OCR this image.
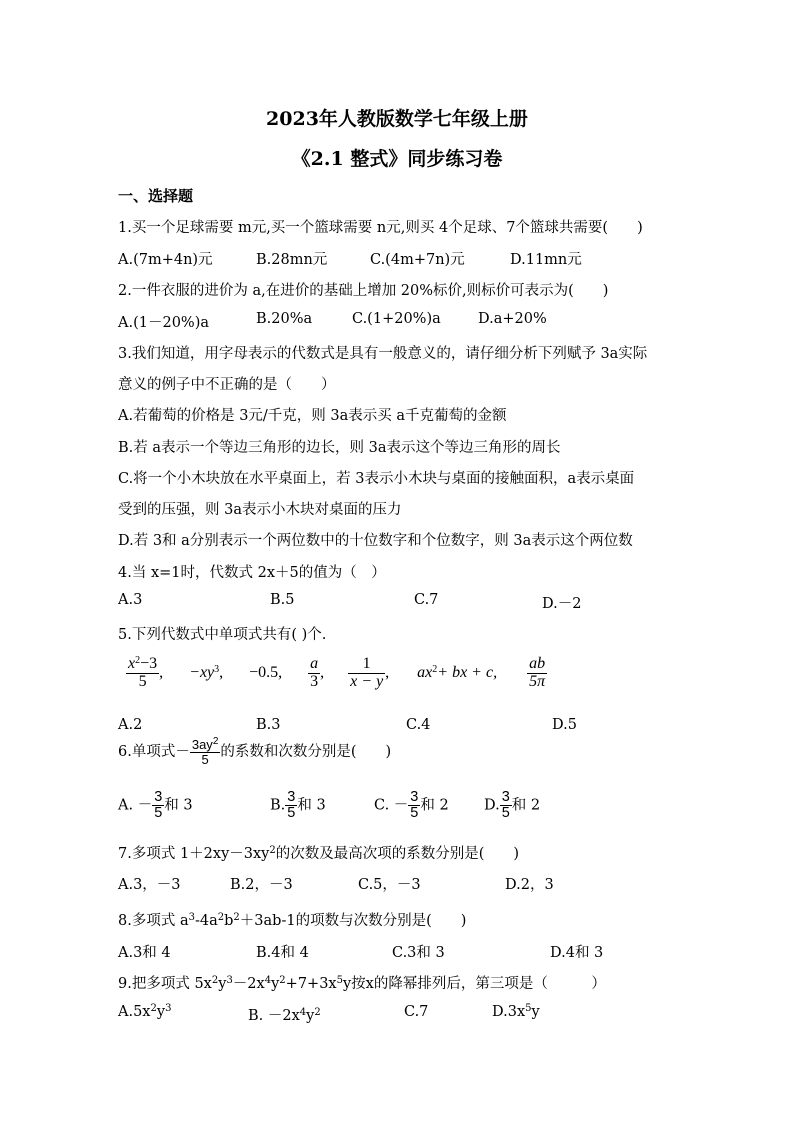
2023年人教版数学七年级上册
《2.1 整式》同步练习卷
一、选择题
1.买一个足球需要 m元,买一个篮球需要 n元,则买 4个足球、7个篮球共需要(　　)
A.(7m+4n)元	B.28mn元	C.(4m+7n)元	D.11mn元
2.一件衣服的进价为 a,在进价的基础上增加 20%标价,则标价可表示为(　　)
A.(1－20%)a	B.20%a	C.(1+20%)a	D.a+20%
3.我们知道，用字母表示的代数式是具有一般意义的，请仔细分析下列赋予 3a实际
意义的例子中不正确的是（　　）
A.若葡萄的价格是 3元/千克，则 3a表示买 a千克葡萄的金额
B.若 a表示一个等边三角形的边长，则 3a表示这个等边三角形的周长
C.将一个小木块放在水平桌面上，若 3表示小木块与桌面的接触面积，a表示桌面
受到的压强，则 3a表示小木块对桌面的压力
D.若 3和 a分别表示一个两位数中的十位数字和个位数字，则 3a表示这个两位数
4.当 x=1时，代数式 2x＋5的值为（　）
A.3	B.5	C.7	D.－2
5.下列代数式中单项式共有( )个.
$\frac{x^2-3}{5}$ , $-xy^3$, −0.5, $\frac{a}{3}$ , $\frac{1}{x - y}$ , $ax^2+$ bx + c, $\frac{ab}{5\pi}$
A.2	B.3	C.4	D.5
6.单项式－ $\frac{3ay^2}{5}$ 的系数和次数分别是(　　)
A. － $\frac{3}{5}$ 和 3	B. $\frac{3}{5}$ 和 3	C. － $\frac{3}{5}$ 和 2 D. $\frac{3}{5}$ 和 2
7.多项式 $1+2xy-3xy^2$的次数及最高次项的系数分别是(　　)
A.3，－3	B.2，－3	C.5，－3	D.2，3
8.多项式 $a^3-4a^2b^2+3ab-1$的项数与次数分别是(　　)
A.3和 4	B.4和 4	C.3和 3	D.4和 3
9.把多项式 $5x^2y^3-2x^4y^2+7+3x^5y$按x的降幂排列后，第三项是（　　　）
$A.5x^2y^3$	B. $-2x^4y^2$	C.7	$D.3x^5y$
